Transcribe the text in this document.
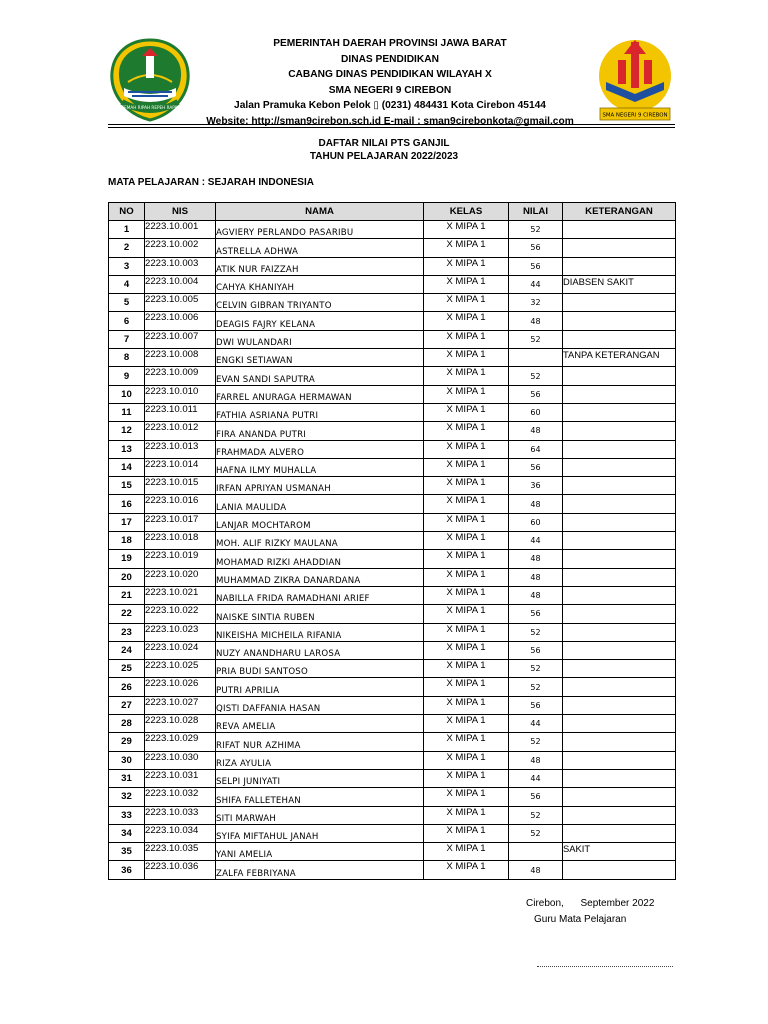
GEMAH RIPAH REPEH RAPIH
PEMERINTAH DAERAH PROVINSI JAWA BARAT
DINAS PENDIDIKAN
CABANG DINAS PENDIDIKAN WILAYAH X
SMA NEGERI 9 CIREBON
Jalan Pramuka Kebon Pelok ▯ (0231) 484431 Kota Cirebon 45144
Website: http://sman9cirebon.sch.id E-mail : sman9cirebonkota@gmail.com	SMA NEGERI 9 CIREBON
DAFTAR NILAI PTS GANJIL
TAHUN PELAJARAN 2022/2023
MATA PELAJARAN : SEJARAH INDONESIA
NO	NIS	NAMA	KELAS	NILAI	KETERANGAN
1	2223.10.001	AGVIERY PERLANDO PASARIBU	X MIPA 1	52	
2	2223.10.002	ASTRELLA ADHWA	X MIPA 1	56	
3	2223.10.003	ATIK NUR FAIZZAH	X MIPA 1	56	
4	2223.10.004	CAHYA KHANIYAH	X MIPA 1	44	DIABSEN SAKIT
5	2223.10.005	CELVIN GIBRAN TRIYANTO	X MIPA 1	32	
6	2223.10.006	DEAGIS FAJRY KELANA	X MIPA 1	48	
7	2223.10.007	DWI WULANDARI	X MIPA 1	52	
8	2223.10.008	ENGKI SETIAWAN	X MIPA 1		TANPA KETERANGAN
9	2223.10.009	EVAN SANDI SAPUTRA	X MIPA 1	52	
10	2223.10.010	FARREL ANURAGA HERMAWAN	X MIPA 1	56	
11	2223.10.011	FATHIA ASRIANA PUTRI	X MIPA 1	60	
12	2223.10.012	FIRA ANANDA PUTRI	X MIPA 1	48	
13	2223.10.013	FRAHMADA ALVERO	X MIPA 1	64	
14	2223.10.014	HAFNA ILMY MUHALLA	X MIPA 1	56	
15	2223.10.015	IRFAN APRIYAN USMANAH	X MIPA 1	36	
16	2223.10.016	LANIA MAULIDA	X MIPA 1	48	
17	2223.10.017	LANJAR MOCHTAROM	X MIPA 1	60	
18	2223.10.018	MOH. ALIF RIZKY MAULANA	X MIPA 1	44	
19	2223.10.019	MOHAMAD RIZKI AHADDIAN	X MIPA 1	48	
20	2223.10.020	MUHAMMAD ZIKRA DANARDANA	X MIPA 1	48	
21	2223.10.021	NABILLA FRIDA RAMADHANI ARIEF	X MIPA 1	48	
22	2223.10.022	NAISKE SINTIA RUBEN	X MIPA 1	56	
23	2223.10.023	NIKEISHA MICHEILA RIFANIA	X MIPA 1	52	
24	2223.10.024	NUZY ANANDHARU LAROSA	X MIPA 1	56	
25	2223.10.025	PRIA BUDI SANTOSO	X MIPA 1	52	
26	2223.10.026	PUTRI APRILIA	X MIPA 1	52	
27	2223.10.027	QISTI DAFFANIA HASAN	X MIPA 1	56	
28	2223.10.028	REVA AMELIA	X MIPA 1	44	
29	2223.10.029	RIFAT NUR AZHIMA	X MIPA 1	52	
30	2223.10.030	RIZA AYULIA	X MIPA 1	48	
31	2223.10.031	SELPI JUNIYATI	X MIPA 1	44	
32	2223.10.032	SHIFA FALLETEHAN	X MIPA 1	56	
33	2223.10.033	SITI MARWAH	X MIPA 1	52	
34	2223.10.034	SYIFA MIFTAHUL JANAH	X MIPA 1	52	
35	2223.10.035	YANI AMELIA	X MIPA 1		SAKIT
36	2223.10.036	ZALFA FEBRIYANA	X MIPA 1	48	
Cirebon,      September 2022
Guru Mata Pelajaran
